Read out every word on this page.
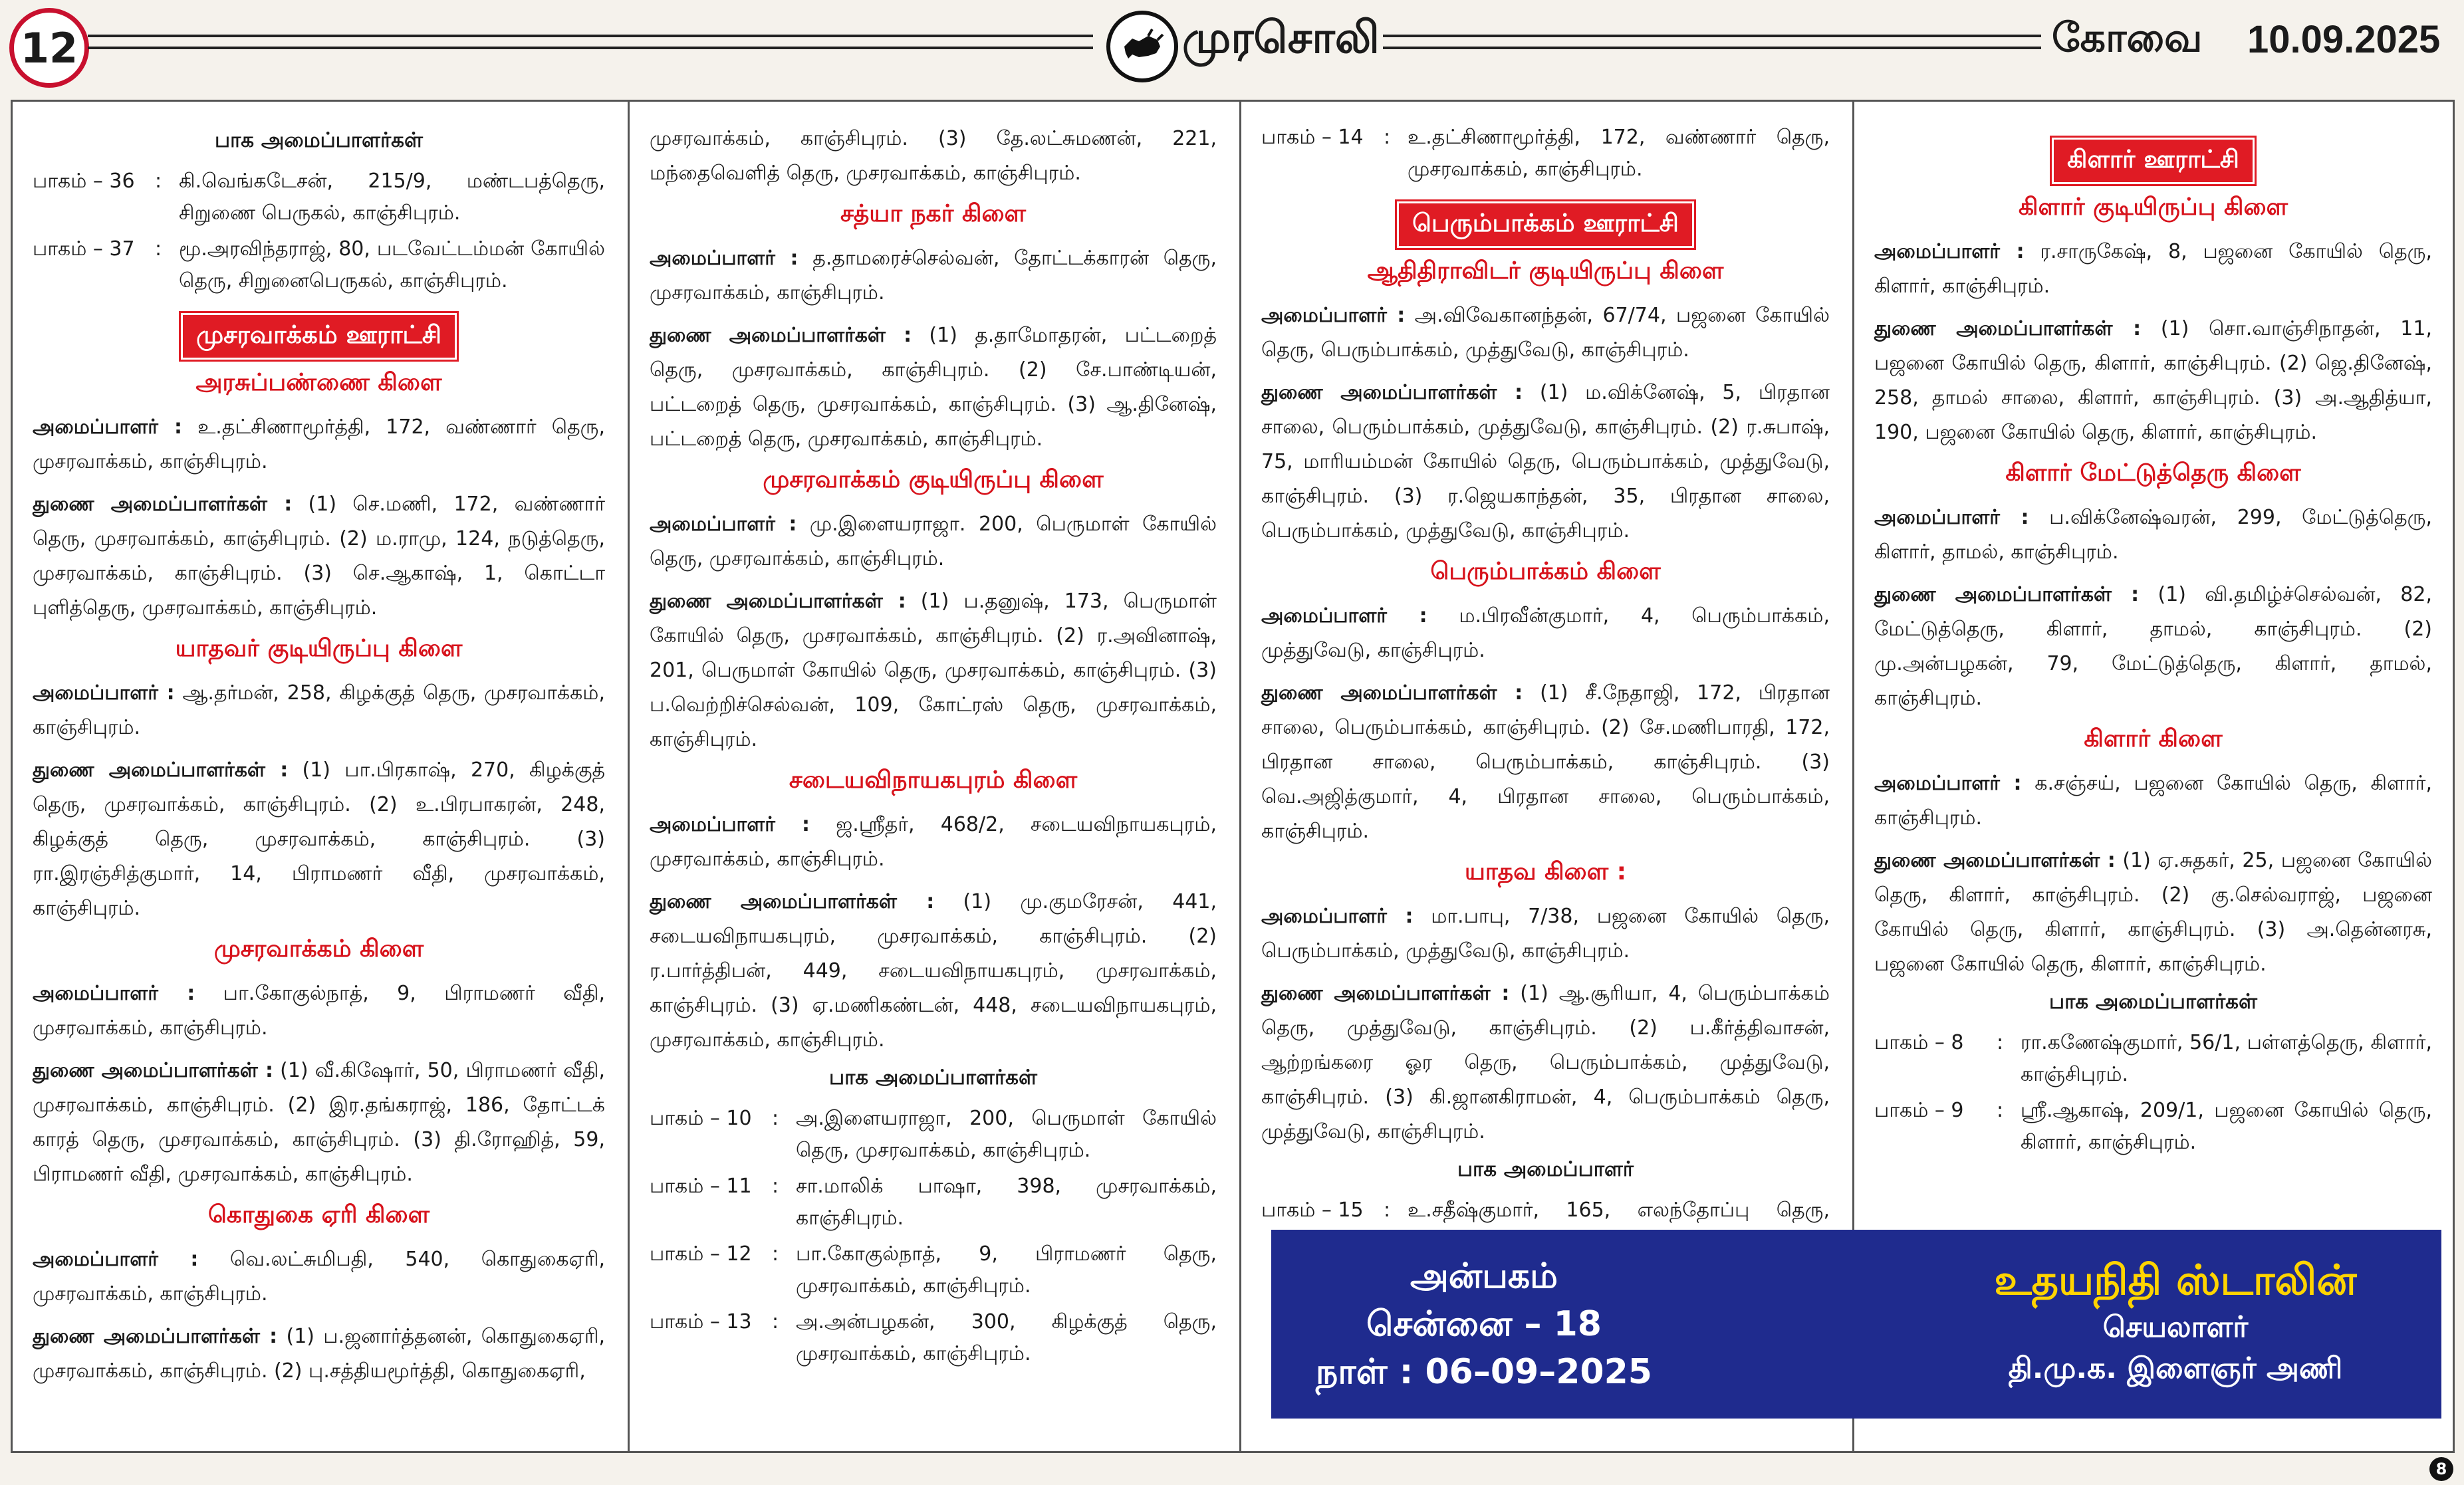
12	முரசொலி	கோவை 10.09.2025
பாக அமைப்பாளர்கள்
பாகம் – 36	: கி.வெங்கடேசன், 215/9, மண்டபத்தெரு, சிறுணை பெருகல், காஞ்சிபுரம்.
பாகம் – 37	: மூ.அரவிந்தராஜ், 80, படவேட்டம்மன் கோயில் தெரு, சிறுனைபெருகல், காஞ்சிபுரம்.
முசரவாக்கம் ஊராட்சி
அரசுப்பண்ணை கிளை
அமைப்பாளர் : உ.தட்சிணாமூர்த்தி, 172, வண்ணார் தெரு, முசரவாக்கம், காஞ்சிபுரம்.
துணை அமைப்பாளர்கள் : (1) செ.மணி, 172, வண்ணார் தெரு, முசரவாக்கம், காஞ்சிபுரம். (2) ம.ராமு, 124, நடுத்தெரு, முசரவாக்கம், காஞ்சிபுரம். (3) செ.ஆகாஷ், 1, கொட்டா புளித்தெரு, முசரவாக்கம், காஞ்சிபுரம்.
யாதவர் குடியிருப்பு கிளை
அமைப்பாளர் : ஆ.தர்மன், 258, கிழக்குத் தெரு, முசரவாக்கம், காஞ்சிபுரம்.
துணை அமைப்பாளர்கள் : (1) பா.பிரகாஷ், 270, கிழக்குத் தெரு, முசரவாக்கம், காஞ்சிபுரம். (2) உ.பிரபாகரன், 248, கிழக்குத் தெரு, முசரவாக்கம், காஞ்சிபுரம். (3) ரா.இரஞ்சித்குமார், 14, பிராமணர் வீதி, முசரவாக்கம், காஞ்சிபுரம்.
முசரவாக்கம் கிளை
அமைப்பாளர் : பா.கோகுல்நாத், 9, பிராமணர் வீதி, முசரவாக்கம், காஞ்சிபுரம்.
துணை அமைப்பாளர்கள் : (1) வீ.கிஷோர், 50, பிராமணர் வீதி, முசரவாக்கம், காஞ்சிபுரம். (2) இர.தங்கராஜ், 186, தோட்டக் காரத் தெரு, முசரவாக்கம், காஞ்சிபுரம். (3) தி.ரோஹித், 59, பிராமணர் வீதி, முசரவாக்கம், காஞ்சிபுரம்.
கொதுகை ஏரி கிளை
அமைப்பாளர் : வெ.லட்சுமிபதி, 540, கொதுகைஏரி, முசரவாக்கம், காஞ்சிபுரம்.
துணை அமைப்பாளர்கள் : (1) ப.ஜனார்த்தனன், கொதுகைஏரி, முசரவாக்கம், காஞ்சிபுரம். (2) பு.சத்தியமூர்த்தி, கொதுகைஏரி,
முசரவாக்கம், காஞ்சிபுரம். (3) தே.லட்சுமணன், 221, மந்தைவெளித் தெரு, முசரவாக்கம், காஞ்சிபுரம்.
சத்யா நகர் கிளை
அமைப்பாளர் : த.தாமரைச்செல்வன், தோட்டக்காரன் தெரு, முசரவாக்கம், காஞ்சிபுரம்.
துணை அமைப்பாளர்கள் : (1) த.தாமோதரன், பட்டறைத் தெரு, முசரவாக்கம், காஞ்சிபுரம். (2) சே.பாண்டியன், பட்டறைத் தெரு, முசரவாக்கம், காஞ்சிபுரம். (3) ஆ.தினேஷ், பட்டறைத் தெரு, முசரவாக்கம், காஞ்சிபுரம்.
முசரவாக்கம் குடியிருப்பு கிளை
அமைப்பாளர் : மு.இளையராஜா. 200, பெருமாள் கோயில் தெரு, முசரவாக்கம், காஞ்சிபுரம்.
துணை அமைப்பாளர்கள் : (1) ப.தனுஷ், 173, பெருமாள் கோயில் தெரு, முசரவாக்கம், காஞ்சிபுரம். (2) ர.அவினாஷ், 201, பெருமாள் கோயில் தெரு, முசரவாக்கம், காஞ்சிபுரம். (3) ப.வெற்றிச்செல்வன், 109, கோட்ரஸ் தெரு, முசரவாக்கம், காஞ்சிபுரம்.
சடையவிநாயகபுரம் கிளை
அமைப்பாளர் : ஜ.ஸ்ரீதர், 468/2, சடையவிநாயகபுரம், முசரவாக்கம், காஞ்சிபுரம்.
துணை அமைப்பாளர்கள் : (1) மு.குமரேசன், 441, சடையவிநாயகபுரம், முசரவாக்கம், காஞ்சிபுரம். (2) ர.பார்த்திபன், 449, சடையவிநாயகபுரம், முசரவாக்கம், காஞ்சிபுரம். (3) ஏ.மணிகண்டன், 448, சடையவிநாயகபுரம், முசரவாக்கம், காஞ்சிபுரம்.
பாக அமைப்பாளர்கள்
பாகம் – 10	: அ.இளையராஜா, 200, பெருமாள் கோயில் தெரு, முசரவாக்கம், காஞ்சிபுரம்.
பாகம் – 11	: சா.மாலிக் பாஷா, 398, முசரவாக்கம், காஞ்சிபுரம்.
பாகம் – 12	: பா.கோகுல்நாத், 9, பிராமணர் தெரு, முசரவாக்கம், காஞ்சிபுரம்.
பாகம் – 13	: அ.அன்பழகன், 300, கிழக்குத் தெரு, முசரவாக்கம், காஞ்சிபுரம்.
பாகம் – 14	: உ.தட்சிணாமூர்த்தி, 172, வண்ணார் தெரு, முசரவாக்கம், காஞ்சிபுரம்.
பெரும்பாக்கம் ஊராட்சி
ஆதிதிராவிடர் குடியிருப்பு கிளை
அமைப்பாளர் : அ.விவேகானந்தன், 67/74, பஜனை கோயில் தெரு, பெரும்பாக்கம், முத்துவேடு, காஞ்சிபுரம்.
துணை அமைப்பாளர்கள் : (1) ம.விக்னேஷ், 5, பிரதான சாலை, பெரும்பாக்கம், முத்துவேடு, காஞ்சிபுரம். (2) ர.சுபாஷ், 75, மாரியம்மன் கோயில் தெரு, பெரும்பாக்கம், முத்துவேடு, காஞ்சிபுரம். (3) ர.ஜெயகாந்தன், 35, பிரதான சாலை, பெரும்பாக்கம், முத்துவேடு, காஞ்சிபுரம்.
பெரும்பாக்கம் கிளை
அமைப்பாளர் : ம.பிரவீன்குமார், 4, பெரும்பாக்கம், முத்துவேடு, காஞ்சிபுரம்.
துணை அமைப்பாளர்கள் : (1) சீ.நேதாஜி, 172, பிரதான சாலை, பெரும்பாக்கம், காஞ்சிபுரம். (2) சே.மணிபாரதி, 172, பிரதான சாலை, பெரும்பாக்கம், காஞ்சிபுரம். (3) வெ.அஜித்குமார், 4, பிரதான சாலை, பெரும்பாக்கம், காஞ்சிபுரம்.
யாதவ கிளை :
அமைப்பாளர் : மா.பாபு, 7/38, பஜனை கோயில் தெரு, பெரும்பாக்கம், முத்துவேடு, காஞ்சிபுரம்.
துணை அமைப்பாளர்கள் : (1) ஆ.சூரியா, 4, பெரும்பாக்கம் தெரு, முத்துவேடு, காஞ்சிபுரம். (2) ப.கீர்த்திவாசன், ஆற்றங்கரை ஓர தெரு, பெரும்பாக்கம், முத்துவேடு, காஞ்சிபுரம். (3) கி.ஜானகிராமன், 4, பெரும்பாக்கம் தெரு, முத்துவேடு, காஞ்சிபுரம்.
பாக அமைப்பாளர்
பாகம் – 15	: உ.சதீஷ்குமார், 165, எலந்தோப்பு தெரு,
கிளார் ஊராட்சி
கிளார் குடியிருப்பு கிளை
அமைப்பாளர் : ர.சாருகேஷ், 8, பஜனை கோயில் தெரு, கிளார், காஞ்சிபுரம்.
துணை அமைப்பாளர்கள் : (1) சொ.வாஞ்சிநாதன், 11, பஜனை கோயில் தெரு, கிளார், காஞ்சிபுரம். (2) ஜெ.தினேஷ், 258, தாமல் சாலை, கிளார், காஞ்சிபுரம். (3) அ.ஆதித்யா, 190, பஜனை கோயில் தெரு, கிளார், காஞ்சிபுரம்.
கிளார் மேட்டுத்தெரு கிளை
அமைப்பாளர் : ப.விக்னேஷ்வரன், 299, மேட்டுத்தெரு, கிளார், தாமல், காஞ்சிபுரம்.
துணை அமைப்பாளர்கள் : (1) வி.தமிழ்ச்செல்வன், 82, மேட்டுத்தெரு, கிளார், தாமல், காஞ்சிபுரம். (2) மு.அன்பழகன், 79, மேட்டுத்தெரு, கிளார், தாமல், காஞ்சிபுரம்.
கிளார் கிளை
அமைப்பாளர் : க.சஞ்சய், பஜனை கோயில் தெரு, கிளார், காஞ்சிபுரம்.
துணை அமைப்பாளர்கள் : (1) ஏ.சுதகர், 25, பஜனை கோயில் தெரு, கிளார், காஞ்சிபுரம். (2) கு.செல்வராஜ், பஜனை கோயில் தெரு, கிளார், காஞ்சிபுரம். (3) அ.தென்னரசு, பஜனை கோயில் தெரு, கிளார், காஞ்சிபுரம்.
பாக அமைப்பாளர்கள்
பாகம் – 8	: ரா.கணேஷ்குமார், 56/1, பள்ளத்தெரு, கிளார், காஞ்சிபுரம்.
பாகம் – 9	: ஸ்ரீ.ஆகாஷ், 209/1, பஜனை கோயில் தெரு, கிளார், காஞ்சிபுரம்.
அன்பகம்
சென்னை – 18
நாள் : 06–09–2025
உதயநிதி ஸ்டாலின்
செயலாளர்
தி.மு.க. இளைஞர் அணி
8
